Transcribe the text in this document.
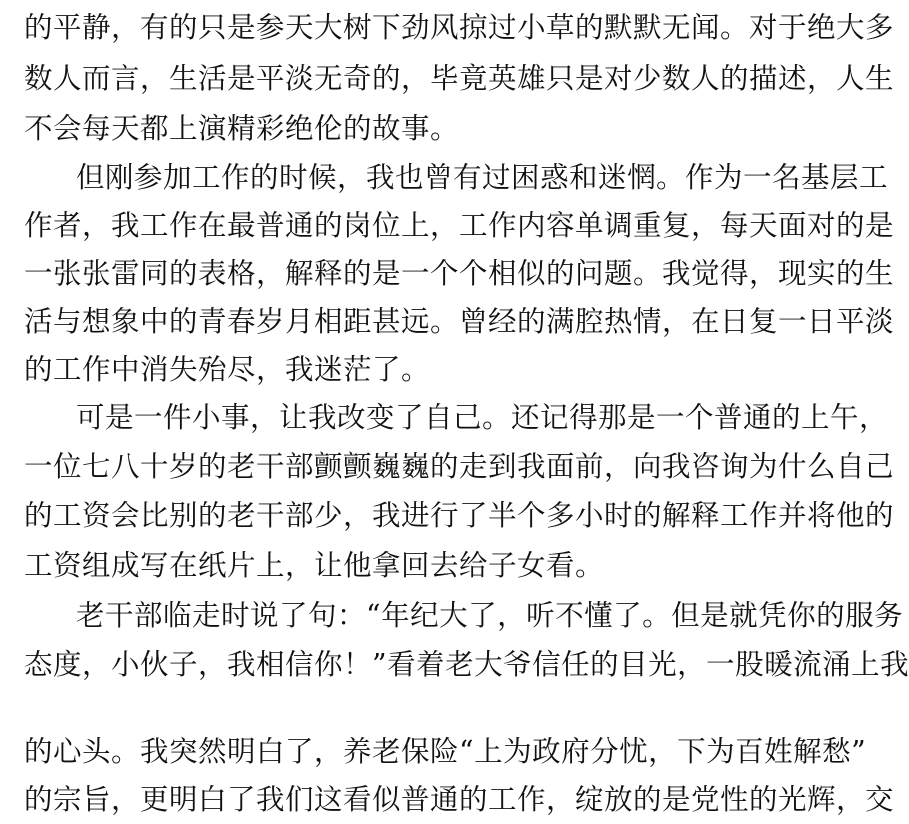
的平静，有的只是参天大树下劲风掠过小草的默默无闻。对于绝大多
数人而言，生活是平淡无奇的，毕竟英雄只是对少数人的描述，人生
不会每天都上演精彩绝伦的故事。
但刚参加工作的时候，我也曾有过困惑和迷惘。作为一名基层工
作者，我工作在最普通的岗位上，工作内容单调重复，每天面对的是
一张张雷同的表格，解释的是一个个相似的问题。我觉得，现实的生
活与想象中的青春岁月相距甚远。曾经的满腔热情，在日复一日平淡
的工作中消失殆尽，我迷茫了。
可是一件小事，让我改变了自己。还记得那是一个普通的上午，
一位七八十岁的老干部颤颤巍巍的走到我面前，向我咨询为什么自己
的工资会比别的老干部少，我进行了半个多小时的解释工作并将他的
工资组成写在纸片上，让他拿回去给子女看。
老干部临走时说了句：“年纪大了，听不懂了。但是就凭你的服务
态度，小伙子，我相信你！”看着老大爷信任的目光，一股暖流涌上我
的心头。我突然明白了，养老保险“上为政府分忧，下为百姓解愁”
的宗旨，更明白了我们这看似普通的工作，绽放的是党性的光辉，交
